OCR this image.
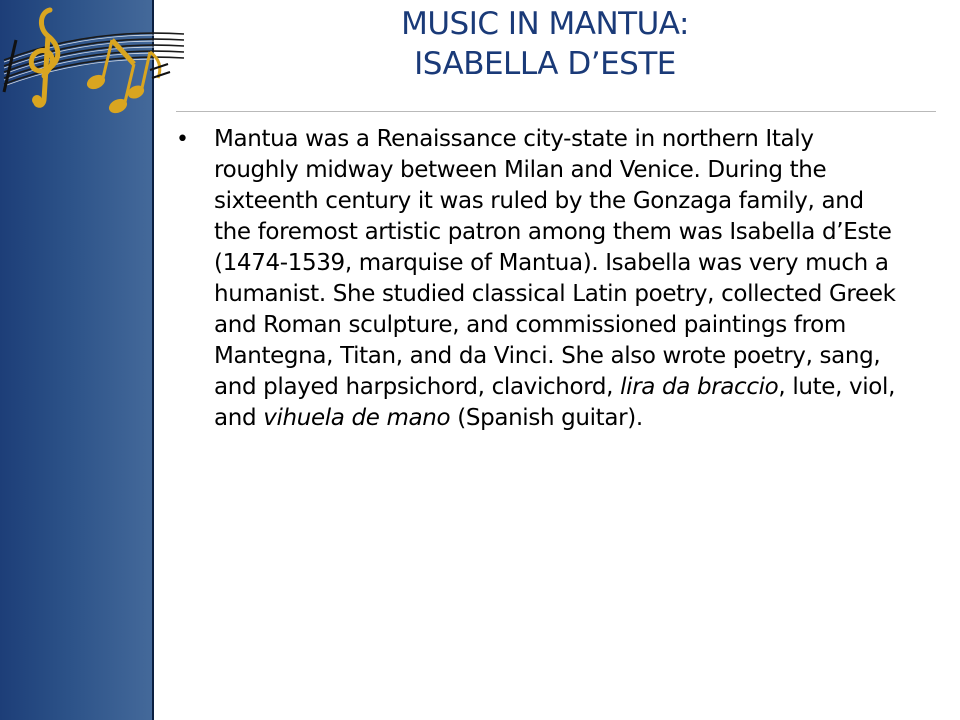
MUSIC IN MANTUA:
ISABELLA D’ESTE
•	Mantua was a Renaissance city-state in northern Italy roughly midway between Milan and Venice. During the sixteenth century it was ruled by the Gonzaga family, and the foremost artistic patron among them was Isabella d’Este (1474-1539, marquise of Mantua). Isabella was very much a humanist. She studied classical Latin poetry, collected Greek and Roman sculpture, and commissioned paintings from Mantegna, Titan, and da Vinci. She also wrote poetry, sang, and played harpsichord, clavichord, lira da braccio, lute, viol, and vihuela de mano (Spanish guitar).
